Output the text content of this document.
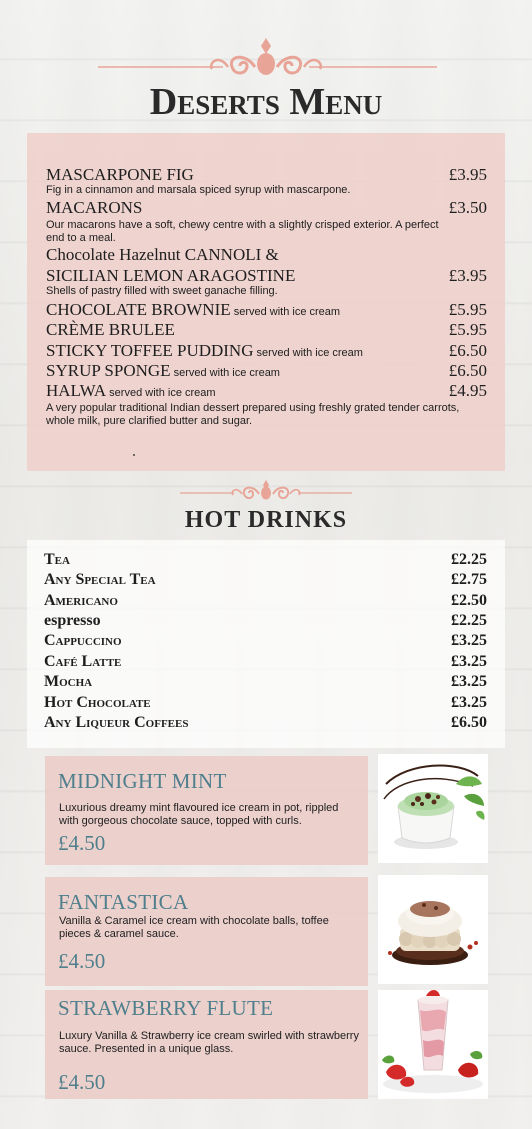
Deserts Menu
MASCARPONE FIG	£3.95
Fig in a cinnamon and marsala spiced syrup with mascarpone.
MACARONS	£3.50
Our macarons have a soft, chewy centre with a slightly crisped exterior. A perfect end to a meal.
Chocolate Hazelnut CANNOLI &
SICILIAN LEMON ARAGOSTINE	£3.95
Shells of pastry filled with sweet ganache filling.
CHOCOLATE BROWNIE served with ice cream	£5.95
CRÈME BRULEE	£5.95
STICKY TOFFEE PUDDING served with ice cream	£6.50
SYRUP SPONGE served with ice cream	£6.50
HALWA served with ice cream	£4.95
A very popular traditional Indian dessert prepared using freshly grated tender carrots, whole milk, pure clarified butter and sugar.
HOT DRINKS
Tea	£2.25
Any Special Tea	£2.75
Americano	£2.50
espresso	£2.25
Cappuccino	£3.25
Café Latte	£3.25
Mocha	£3.25
Hot Chocolate	£3.25
Any Liqueur Coffees	£6.50
MIDNIGHT MINT
Luxurious dreamy mint flavoured ice cream in pot, rippled with gorgeous chocolate sauce, topped with curls.
£4.50
FANTASTICA
Vanilla & Caramel ice cream with chocolate balls, toffee pieces & caramel sauce.
£4.50
STRAWBERRY FLUTE
Luxury Vanilla & Strawberry ice cream swirled with strawberry sauce. Presented in a unique glass.
£4.50
